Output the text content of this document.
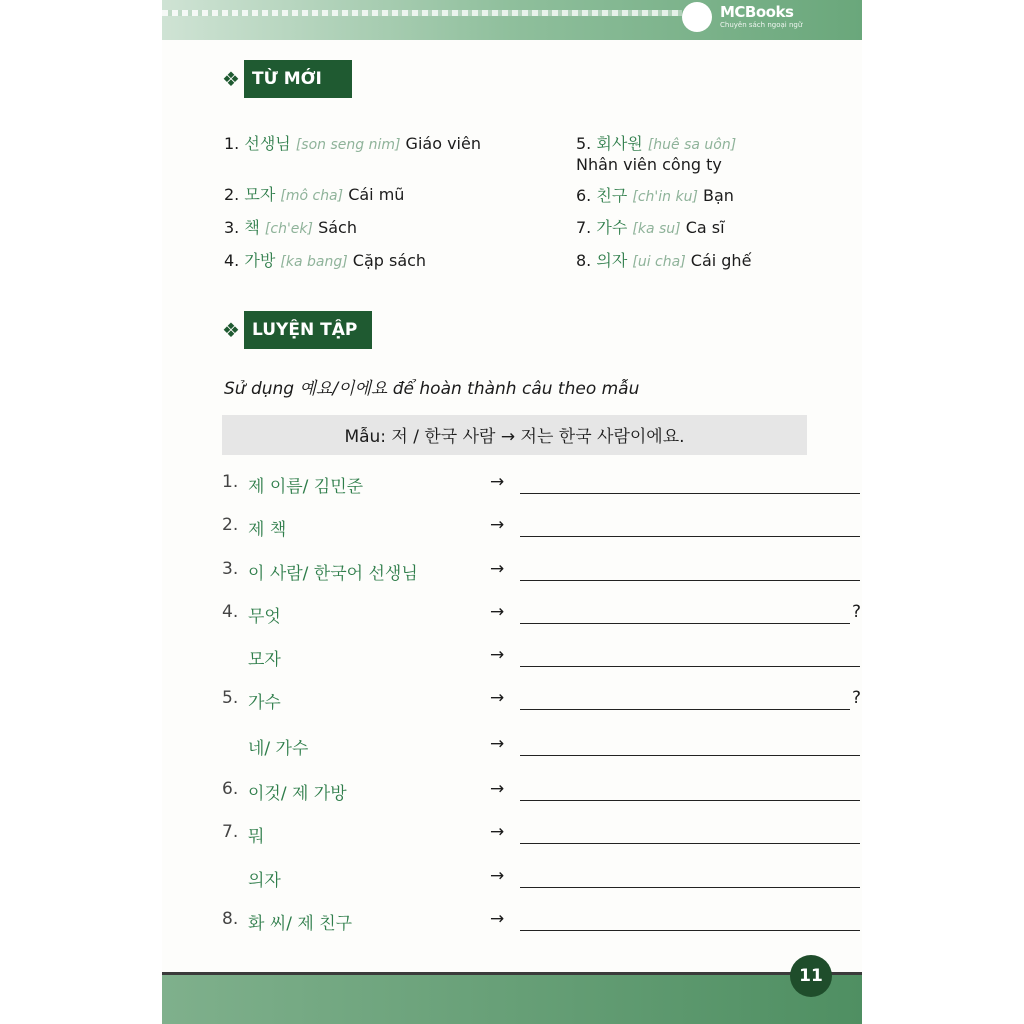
MCBooks
Chuyên sách ngoại ngữ
❖ TỪ MỚI
1. 선생님 [son seng nim] Giáo viên
2. 모자 [mô cha] Cái mũ
3. 책 [ch'ek] Sách
4. 가방 [ka bang] Cặp sách
5. 회사원 [huê sa uôn]
Nhân viên công ty
6. 친구 [ch'in ku] Bạn
7. 가수 [ka su] Ca sĩ
8. 의자 [ui cha] Cái ghế
❖ LUYỆN TẬP
Sử dụng 예요/이에요 để hoàn thành câu theo mẫu
Mẫu: 저 / 한국 사람 → 저는 한국 사람이에요.
1. 제 이름/ 김민준	→
2. 제 책	→
3. 이 사람/ 한국어 선생님	→
4. 무엇	→	?
모자	→
5. 가수	→	?
네/ 가수	→
6. 이것/ 제 가방	→
7. 뭐	→
의자	→
8. 화 씨/ 제 친구	→
11
